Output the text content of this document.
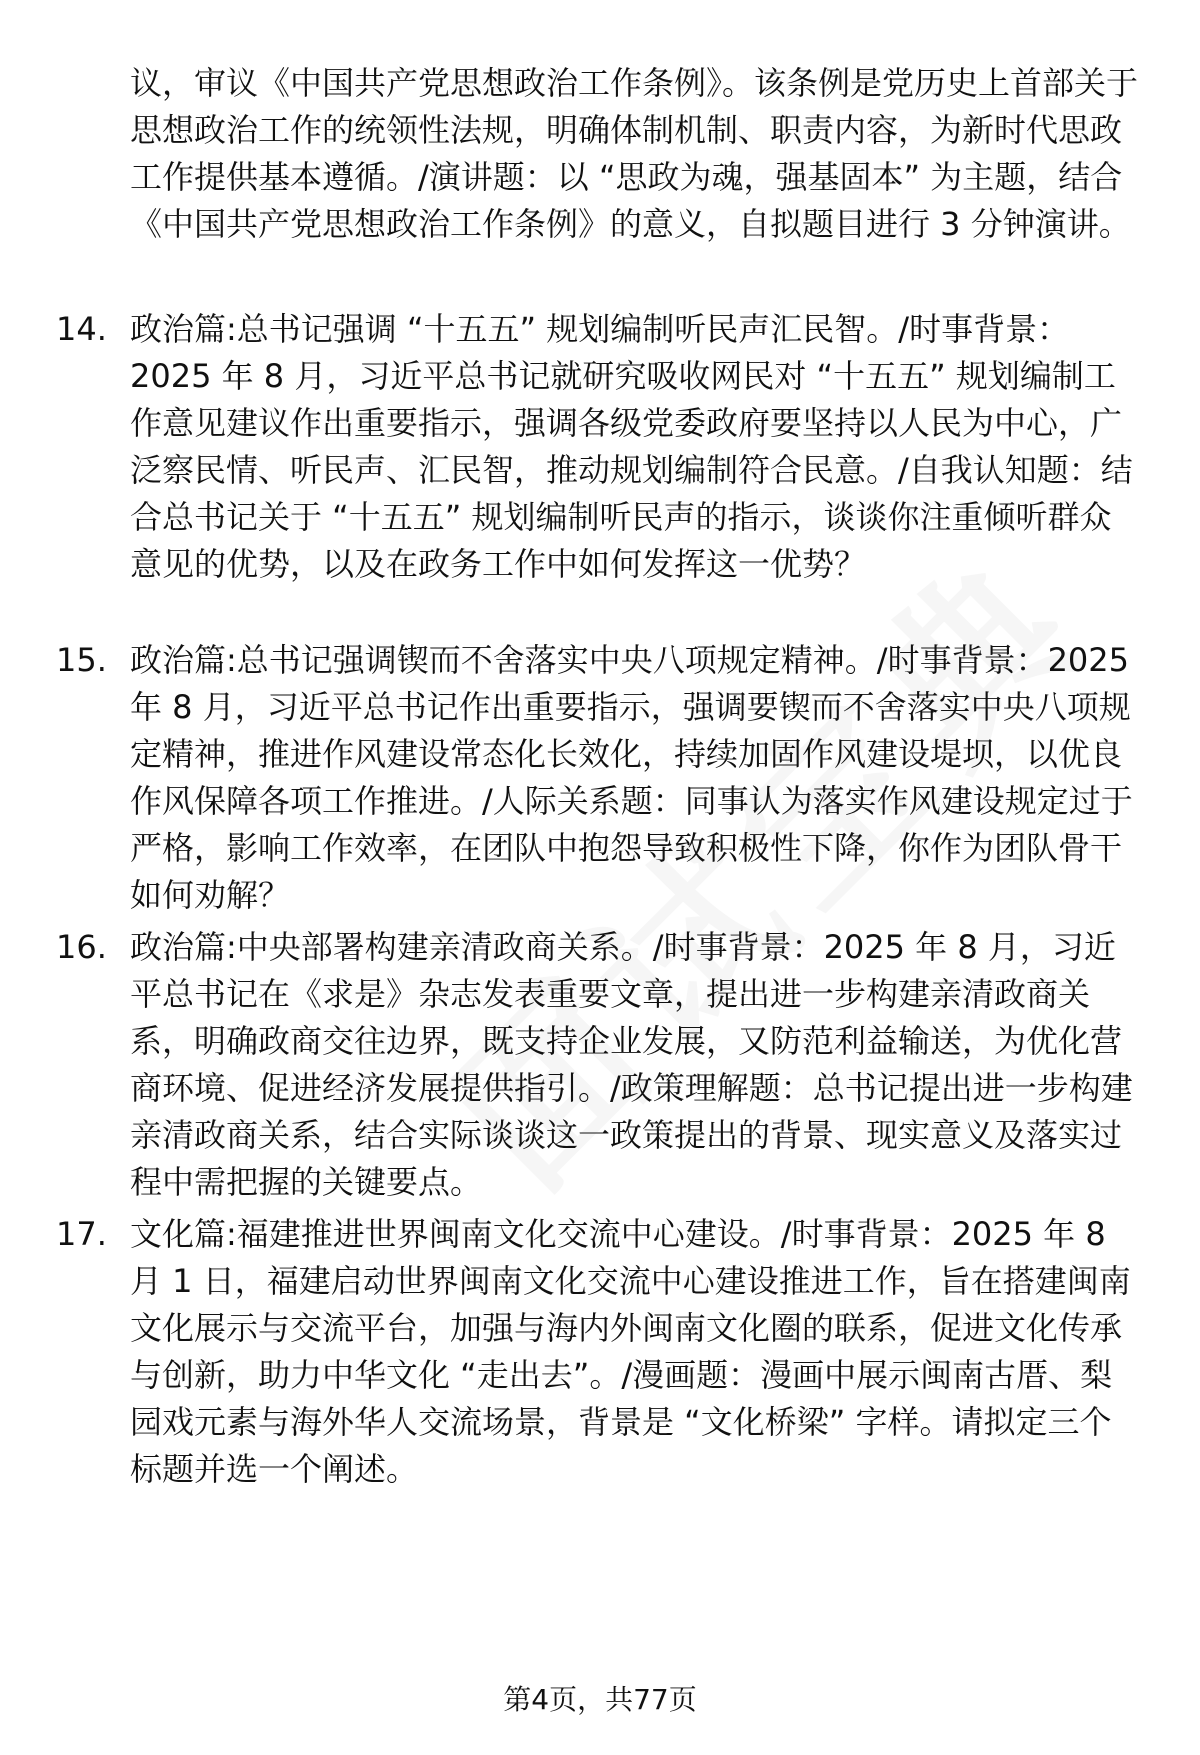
议，审议《中国共产党思想政治工作条例》。该条例是党历史上首部关于思想政治工作的统领性法规，明确体制机制、职责内容，为新时代思政工作提供基本遵循。/演讲题：以 “思政为魂，强基固本” 为主题，结合《中国共产党思想政治工作条例》的意义，自拟题目进行 3 分钟演讲。

14. 政治篇:总书记强调 “十五五” 规划编制听民声汇民智。/时事背景：2025 年 8 月，习近平总书记就研究吸收网民对 “十五五” 规划编制工作意见建议作出重要指示，强调各级党委政府要坚持以人民为中心，广泛察民情、听民声、汇民智，推动规划编制符合民意。/自我认知题：结合总书记关于 “十五五” 规划编制听民声的指示，谈谈你注重倾听群众意见的优势，以及在政务工作中如何发挥这一优势？

15. 政治篇:总书记强调锲而不舍落实中央八项规定精神。/时事背景：2025 年 8 月，习近平总书记作出重要指示，强调要锲而不舍落实中央八项规定精神，推进作风建设常态化长效化，持续加固作风建设堤坝，以优良作风保障各项工作推进。/人际关系题：同事认为落实作风建设规定过于严格，影响工作效率，在团队中抱怨导致积极性下降，你作为团队骨干如何劝解？

16. 政治篇:中央部署构建亲清政商关系。/时事背景：2025 年 8 月，习近平总书记在《求是》杂志发表重要文章，提出进一步构建亲清政商关系，明确政商交往边界，既支持企业发展，又防范利益输送，为优化营商环境、促进经济发展提供指引。/政策理解题：总书记提出进一步构建亲清政商关系，结合实际谈谈这一政策提出的背景、现实意义及落实过程中需把握的关键要点。

17. 文化篇:福建推进世界闽南文化交流中心建设。/时事背景：2025 年 8 月 1 日，福建启动世界闽南文化交流中心建设推进工作，旨在搭建闽南文化展示与交流平台，加强与海内外闽南文化圈的联系，促进文化传承与创新，助力中华文化 “走出去”。/漫画题：漫画中展示闽南古厝、梨园戏元素与海外华人交流场景，背景是 “文化桥梁” 字样。请拟定三个标题并选一个阐述。

第4页，共77页
